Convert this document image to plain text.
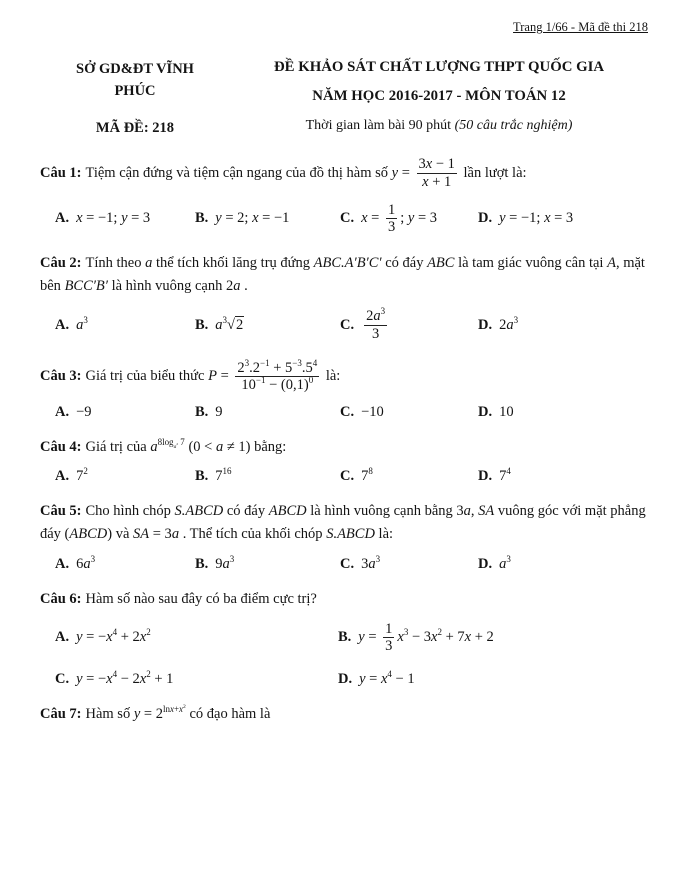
Trang 1/66 - Mã đề thi 218
SỞ GD&ĐT VĨNH
PHÚC
MÃ ĐỀ: 218
ĐỀ KHẢO SÁT CHẤT LƯỢNG THPT QUỐC GIA
NĂM HỌC 2016-2017 - MÔN TOÁN 12
Thời gian làm bài 90 phút (50 câu trắc nghiệm)

Câu 1: Tiệm cận đứng và tiệm cận ngang của đồ thị hàm số $y = \frac{3x - 1}{x + 1}$ lần lượt là:

A. x = −1; y = 3	B. y = 2; x = −1	C. $x = \frac{1}{3}$ ; y = 3	D. y = −1; x = 3

Câu 2: Tính theo a thể tích khối lăng trụ đứng ABC.A′B′C′ có đáy ABC là tam giác vuông cân tại A, mặt bên BCC′B′ là hình vuông cạnh 2a .

A. $a^3$	B. $a^3√2$	C. $\frac{2a^3}{3}$	D. $2a^3$

Câu 3: Giá trị của biểu thức $P = \frac{2^3.2^{-1} + 5^{-3}.5^4}{10^{-1} - (0,1)^0}$ là:

A. −9	B. 9	C. −10	D. 10

Câu 4: Giá trị của $a^{8log_{a^2} 7}$ (0 < a ≠ 1) bằng:

A. $7^2$	B. $7^{16}$	C. $7^8$	D. $7^4$

Câu 5: Cho hình chóp S.ABCD có đáy ABCD là hình vuông cạnh bằng 3a, SA vuông góc với mặt phẳng đáy (ABCD) và SA = 3a . Thể tích của khối chóp S.ABCD là:

A. $6a^3$	B. $9a^3$	C. $3a^3$	D. $a^3$

Câu 6: Hàm số nào sau đây có ba điểm cực trị?

A. $y = -x^4 + 2x^2$	B. $y = \frac{1}{3} x^3 - 3x^2 + 7x + 2$
C. $y = -x^4 - 2x^2 + 1$	D. $y = x^4 - 1$

Câu 7: Hàm số $y = 2^{lnx+x^2}$ có đạo hàm là
